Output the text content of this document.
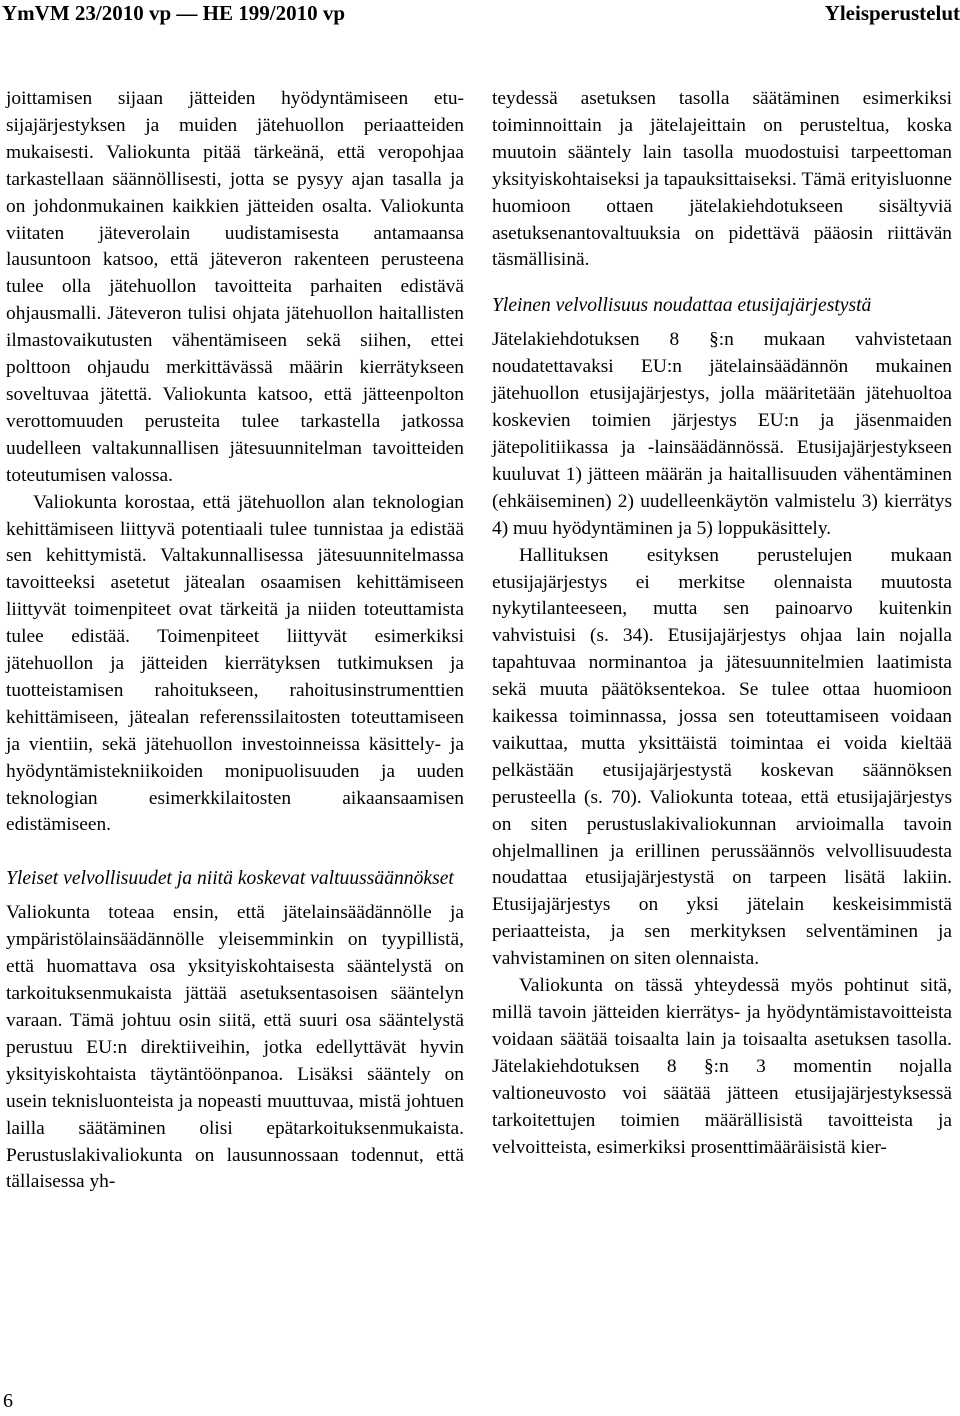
YmVM 23/2010 vp — HE 199/2010 vp	Yleisperustelut

joittamisen sijaan jätteiden hyödyntämiseen etu-sijajärjestyksen ja muiden jätehuollon periaatteiden mukaisesti. Valiokunta pitää tärkeänä, että veropohjaa tarkastellaan säännöllisesti, jotta se pysyy ajan tasalla ja on johdonmukainen kaikkien jätteiden osalta. Valiokunta viitaten jäteverolain uudistamisesta antamaansa lausuntoon katsoo, että jäteveron rakenteen perusteena tulee olla jätehuollon tavoitteita parhaiten edistävä ohjausmalli. Jäteveron tulisi ohjata jätehuollon haitallisten ilmastovaikutusten vähentämiseen sekä siihen, ettei polttoon ohjaudu merkittävässä määrin kierrätykseen soveltuvaa jätettä. Valiokunta katsoo, että jätteenpolton verottomuuden perusteita tulee tarkastella jatkossa uudelleen valtakunnallisen jätesuunnitelman tavoitteiden toteutumisen valossa.

Valiokunta korostaa, että jätehuollon alan teknologian kehittämiseen liittyvä potentiaali tulee tunnistaa ja edistää sen kehittymistä. Valtakunnallisessa jätesuunnitelmassa tavoitteeksi asetetut jätealan osaamisen kehittämiseen liittyvät toimenpiteet ovat tärkeitä ja niiden toteuttamista tulee edistää. Toimenpiteet liittyvät esimerkiksi jätehuollon ja jätteiden kierrätyksen tutkimuksen ja tuotteistamisen rahoitukseen, rahoitusinstrumenttien kehittämiseen, jätealan referenssilaitosten toteuttamiseen ja vientiin, sekä jätehuollon investoinneissa käsittely- ja hyödyntämistekniikoiden monipuolisuuden ja uuden teknologian esimerkkilaitosten aikaansaamisen edistämiseen.

Yleiset velvollisuudet ja niitä koskevat valtuussäännökset

Valiokunta toteaa ensin, että jätelainsäädännölle ja ympäristölainsäädännölle yleisemminkin on tyypillistä, että huomattava osa yksityiskohtaisesta sääntelystä on tarkoituksenmukaista jättää asetuksentasoisen sääntelyn varaan. Tämä johtuu osin siitä, että suuri osa sääntelystä perustuu EU:n direktiiveihin, jotka edellyttävät hyvin yksityiskohtaista täytäntöönpanoa. Lisäksi sääntely on usein teknisluonteista ja nopeasti muuttuvaa, mistä johtuen lailla säätäminen olisi epätarkoituksenmukaista. Perustuslakivaliokunta on lausunnossaan todennut, että tällaisessa yh-

teydessä asetuksen tasolla säätäminen esimerkiksi toiminnoittain ja jätelajeittain on perusteltua, koska muutoin sääntely lain tasolla muodostuisi tarpeettoman yksityiskohtaiseksi ja tapauksittaiseksi. Tämä erityisluonne huomioon ottaen jätelakiehdotukseen sisältyviä asetuksenantovaltuuksia on pidettävä pääosin riittävän täsmällisinä.

Yleinen velvollisuus noudattaa etusijajärjestystä

Jätelakiehdotuksen 8 §:n mukaan vahvistetaan noudatettavaksi EU:n jätelainsäädännön mukainen jätehuollon etusijajärjestys, jolla määritetään jätehuoltoa koskevien toimien järjestys EU:n ja jäsenmaiden jätepolitiikassa ja -lainsäädännössä. Etusijajärjestykseen kuuluvat 1) jätteen määrän ja haitallisuuden vähentäminen (ehkäiseminen) 2) uudelleenkäytön valmistelu 3) kierrätys 4) muu hyödyntäminen ja 5) loppukäsittely.

Hallituksen esityksen perustelujen mukaan etusijajärjestys ei merkitse olennaista muutosta nykytilanteeseen, mutta sen painoarvo kuitenkin vahvistuisi (s. 34). Etusijajärjestys ohjaa lain nojalla tapahtuvaa norminantoa ja jätesuunnitelmien laatimista sekä muuta päätöksentekoa. Se tulee ottaa huomioon kaikessa toiminnassa, jossa sen toteuttamiseen voidaan vaikuttaa, mutta yksittäistä toimintaa ei voida kieltää pelkästään etusijajärjestystä koskevan säännöksen perusteella (s. 70). Valiokunta toteaa, että etusijajärjestys on siten perustuslakivaliokunnan arvioimalla tavoin ohjelmallinen ja erillinen perussäännös velvollisuudesta noudattaa etusijajärjestystä on tarpeen lisätä lakiin. Etusijajärjestys on yksi jätelain keskeisimmistä periaatteista, ja sen merkityksen selventäminen ja vahvistaminen on siten olennaista.

Valiokunta on tässä yhteydessä myös pohtinut sitä, millä tavoin jätteiden kierrätys- ja hyödyntämistavoitteista voidaan säätää toisaalta lain ja toisaalta asetuksen tasolla. Jätelakiehdotuksen 8 §:n 3 momentin nojalla valtioneuvosto voi säätää jätteen etusijajärjestyksessä tarkoitettujen toimien määrällisistä tavoitteista ja velvoitteista, esimerkiksi prosenttimääräisistä kier-

6
